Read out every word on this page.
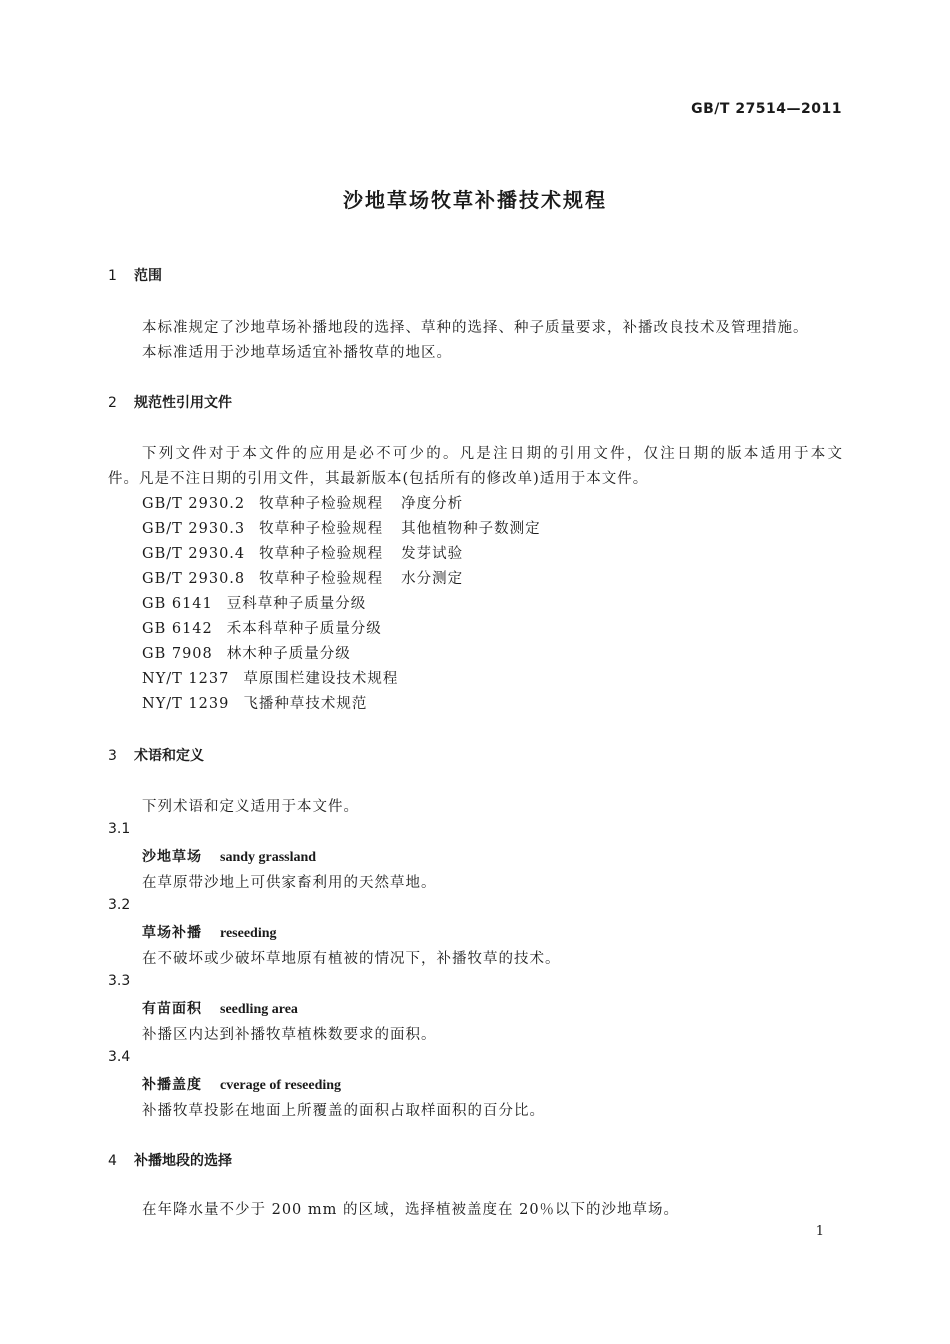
GB/T 27514—2011
沙地草场牧草补播技术规程
1 范围
本标准规定了沙地草场补播地段的选择、草种的选择、种子质量要求，补播改良技术及管理措施。
本标准适用于沙地草场适宜补播牧草的地区。
2 规范性引用文件
下列文件对于本文件的应用是必不可少的。凡是注日期的引用文件，仅注日期的版本适用于本文
件。凡是不注日期的引用文件，其最新版本(包括所有的修改单)适用于本文件。
GB/T 2930.2 牧草种子检验规程 净度分析
GB/T 2930.3 牧草种子检验规程 其他植物种子数测定
GB/T 2930.4 牧草种子检验规程 发芽试验
GB/T 2930.8 牧草种子检验规程 水分测定
GB 6141 豆科草种子质量分级
GB 6142 禾本科草种子质量分级
GB 7908 林木种子质量分级
NY/T 1237 草原围栏建设技术规程
NY/T 1239 飞播种草技术规范
3 术语和定义
下列术语和定义适用于本文件。
3.1
沙地草场 sandy grassland
在草原带沙地上可供家畜利用的天然草地。
3.2
草场补播 reseeding
在不破坏或少破坏草地原有植被的情况下，补播牧草的技术。
3.3
有苗面积 seedling area
补播区内达到补播牧草植株数要求的面积。
3.4
补播盖度 cverage of reseeding
补播牧草投影在地面上所覆盖的面积占取样面积的百分比。
4 补播地段的选择
在年降水量不少于 200 mm 的区域，选择植被盖度在 20％以下的沙地草场。
1
